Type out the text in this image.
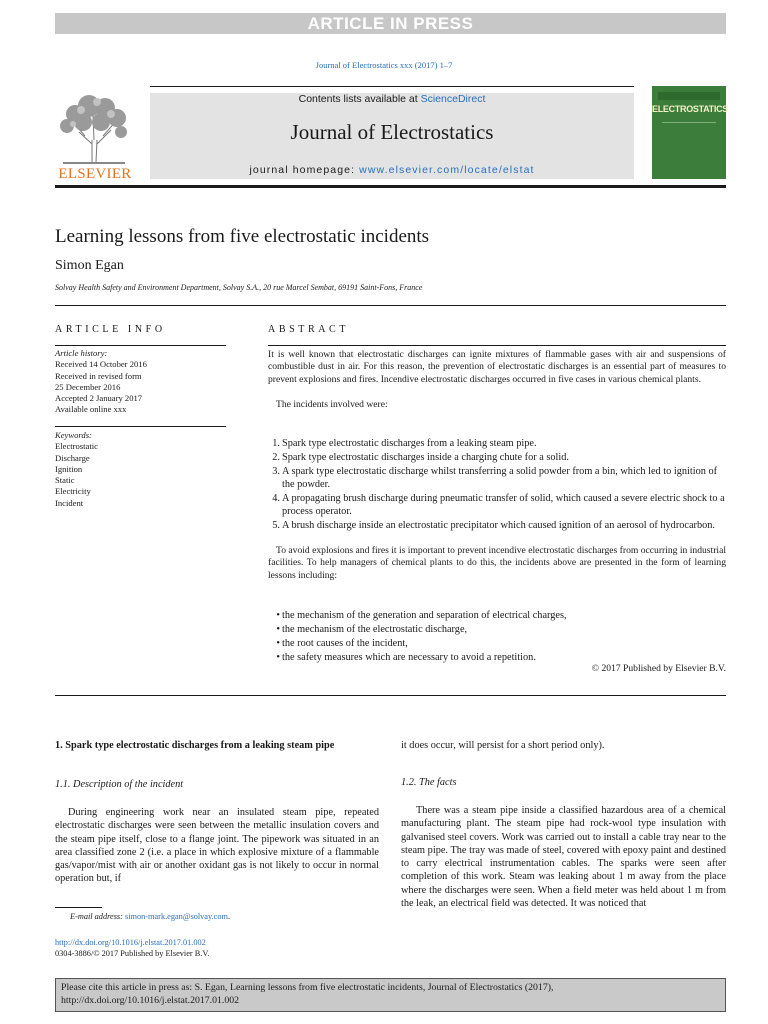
ARTICLE IN PRESS
Journal of Electrostatics xxx (2017) 1–7
ELSEVIER
Contents lists available at ScienceDirect
Journal of Electrostatics
journal homepage: www.elsevier.com/locate/elstat
ELECTROSTATICS
Learning lessons from five electrostatic incidents
Simon Egan
Solvay Health Safety and Environment Department, Solvay S.A., 20 rue Marcel Sembat, 69191 Saint-Fons, France
ARTICLE INFO
Article history:
Received 14 October 2016
Received in revised form
25 December 2016
Accepted 2 January 2017
Available online xxx
Keywords:
Electrostatic
Discharge
Ignition
Static
Electricity
Incident
ABSTRACT
It is well known that electrostatic discharges can ignite mixtures of flammable gases with air and suspensions of combustible dust in air. For this reason, the prevention of electrostatic discharges is an essential part of measures to prevent explosions and fires. Incendive electrostatic discharges occurred in five cases in various chemical plants.
The incidents involved were:
1. Spark type electrostatic discharges from a leaking steam pipe.
2. Spark type electrostatic discharges inside a charging chute for a solid.
3. A spark type electrostatic discharge whilst transferring a solid powder from a bin, which led to ignition of the powder.
4. A propagating brush discharge during pneumatic transfer of solid, which caused a severe electric shock to a process operator.
5. A brush discharge inside an electrostatic precipitator which caused ignition of an aerosol of hydrocarbon.
To avoid explosions and fires it is important to prevent incendive electrostatic discharges from occurring in industrial facilities. To help managers of chemical plants to do this, the incidents above are presented in the form of learning lessons including:
• the mechanism of the generation and separation of electrical charges,
• the mechanism of the electrostatic discharge,
• the root causes of the incident,
• the safety measures which are necessary to avoid a repetition.
© 2017 Published by Elsevier B.V.
1. Spark type electrostatic discharges from a leaking steam pipe
1.1. Description of the incident
During engineering work near an insulated steam pipe, repeated electrostatic discharges were seen between the metallic insulation covers and the steam pipe itself, close to a flange joint. The pipework was situated in an area classified zone 2 (i.e. a place in which explosive mixture of a flammable gas/vapor/mist with air or another oxidant gas is not likely to occur in normal operation but, if
it does occur, will persist for a short period only).
1.2. The facts
There was a steam pipe inside a classified hazardous area of a chemical manufacturing plant. The steam pipe had rock-wool type insulation with galvanised steel covers. Work was carried out to install a cable tray near to the steam pipe. The tray was made of steel, covered with epoxy paint and destined to carry electrical instrumentation cables. The sparks were seen after completion of this work. Steam was leaking about 1 m away from the place where the discharges were seen. When a field meter was held about 1 m from the leak, an electrical field was detected. It was noticed that
E-mail address: simon-mark.egan@solvay.com.
http://dx.doi.org/10.1016/j.elstat.2017.01.002
0304-3886/© 2017 Published by Elsevier B.V.
Please cite this article in press as: S. Egan, Learning lessons from five electrostatic incidents, Journal of Electrostatics (2017), http://dx.doi.org/10.1016/j.elstat.2017.01.002
